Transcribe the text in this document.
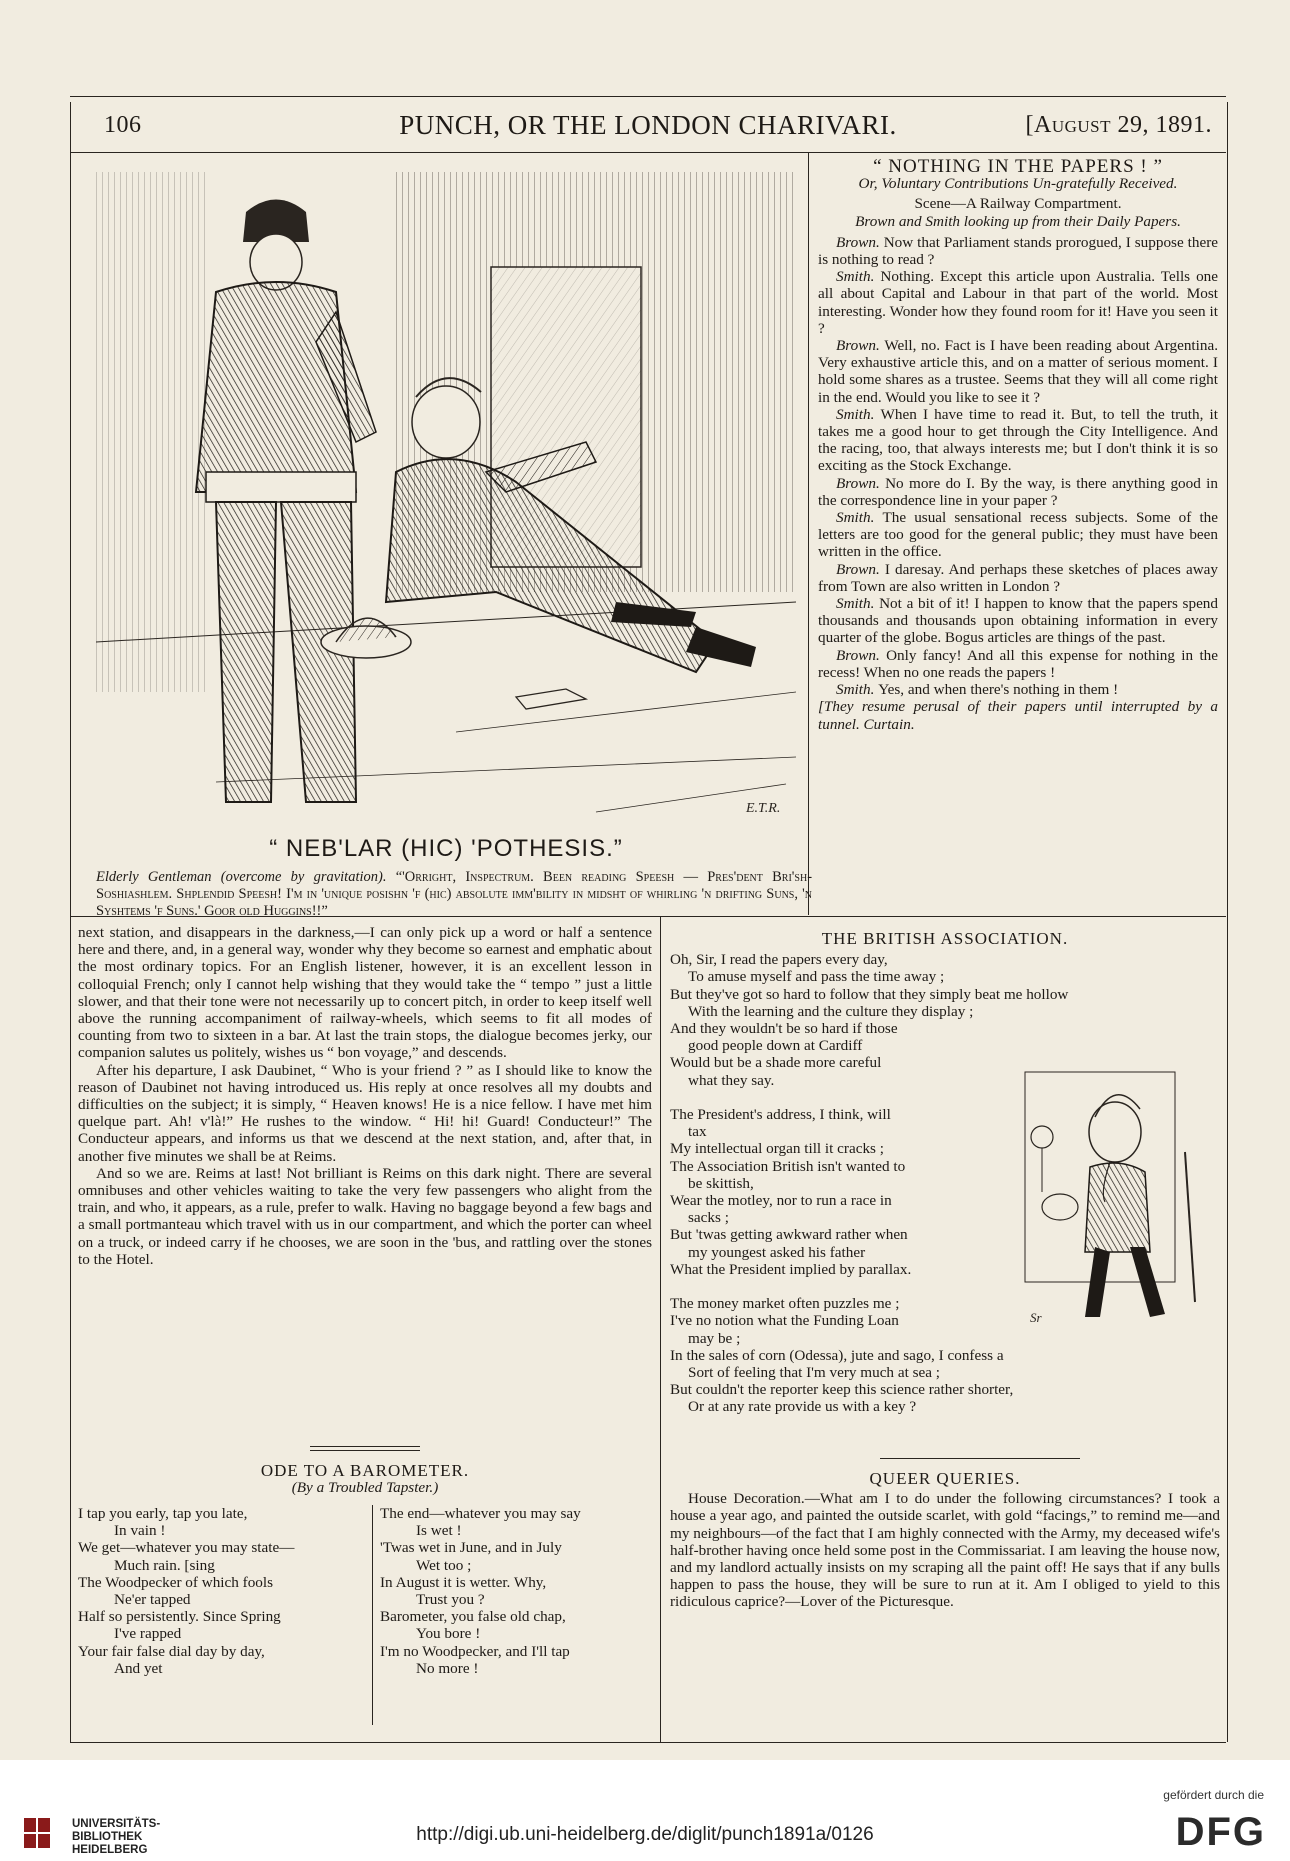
106	PUNCH, OR THE LONDON CHARIVARI.	[August 29, 1891.
E.T.R.
“ NEB'LAR (HIC) 'POTHESIS.”
Elderly Gentleman (overcome by gravitation). “'Orright, Inspectrum. Been reading Speesh — Pres'dent Bri'sh-Soshiashlem. Shplendid Speesh! I'm in 'unique posishn 'f (hic) absolute imm'bility in midsht of whirling 'n drifting Suns, 'n Syshtems 'f Suns.' Goor old Huggins!!”
“ NOTHING IN THE PAPERS ! ”
Or, Voluntary Contributions Un-gratefully Received.
Scene—A Railway Compartment.
Brown and Smith looking up from their Daily Papers.

Brown. Now that Parliament stands prorogued, I suppose there is nothing to read ?

Smith. Nothing. Except this article upon Australia. Tells one all about Capital and Labour in that part of the world. Most interesting. Wonder how they found room for it! Have you seen it ?

Brown. Well, no. Fact is I have been reading about Argentina. Very exhaustive article this, and on a matter of serious moment. I hold some shares as a trustee. Seems that they will all come right in the end. Would you like to see it ?

Smith. When I have time to read it. But, to tell the truth, it takes me a good hour to get through the City Intelligence. And the racing, too, that always interests me; but I don't think it is so exciting as the Stock Exchange.

Brown. No more do I. By the way, is there anything good in the correspondence line in your paper ?

Smith. The usual sensational recess subjects. Some of the letters are too good for the general public; they must have been written in the office.

Brown. I daresay. And perhaps these sketches of places away from Town are also written in London ?

Smith. Not a bit of it! I happen to know that the papers spend thousands and thousands upon obtaining information in every quarter of the globe. Bogus articles are things of the past.

Brown. Only fancy! And all this expense for nothing in the recess! When no one reads the papers !

Smith. Yes, and when there's nothing in them !

[They resume perusal of their papers until interrupted by a tunnel. Curtain.

next station, and disappears in the darkness,—I can only pick up a word or half a sentence here and there, and, in a general way, wonder why they become so earnest and emphatic about the most ordinary topics. For an English listener, however, it is an excellent lesson in colloquial French; only I cannot help wishing that they would take the “ tempo ” just a little slower, and that their tone were not necessarily up to concert pitch, in order to keep itself well above the running accompaniment of railway-wheels, which seems to fit all modes of counting from two to sixteen in a bar. At last the train stops, the dialogue becomes jerky, our companion salutes us politely, wishes us “ bon voyage,” and descends.

After his departure, I ask Daubinet, “ Who is your friend ? ” as I should like to know the reason of Daubinet not having introduced us. His reply at once resolves all my doubts and difficulties on the subject; it is simply, “ Heaven knows! He is a nice fellow. I have met him quelque part. Ah! v'là!” He rushes to the window. “ Hi! hi! Guard! Conducteur!” The Conducteur appears, and informs us that we descend at the next station, and, after that, in another five minutes we shall be at Reims.

And so we are. Reims at last! Not brilliant is Reims on this dark night. There are several omnibuses and other vehicles waiting to take the very few passengers who alight from the train, and who, it appears, as a rule, prefer to walk. Having no baggage beyond a few bags and a small portmanteau which travel with us in our compartment, and which the porter can wheel on a truck, or indeed carry if he chooses, we are soon in the 'bus, and rattling over the stones to the Hotel.

ODE TO A BAROMETER.
(By a Troubled Tapster.)
I tap you early, tap you late,
In vain !
We get—whatever you may state—
Much rain. [sing
The Woodpecker of which fools
Ne'er tapped
Half so persistently. Since Spring
I've rapped
Your fair false dial day by day,
And yet
The end—whatever you may say
Is wet !
'Twas wet in June, and in July
Wet too ;
In August it is wetter. Why,
Trust you ?
Barometer, you false old chap,
You bore !
I'm no Woodpecker, and I'll tap
No more !
THE BRITISH ASSOCIATION.
Oh, Sir, I read the papers every day,
To amuse myself and pass the time away ;
But they've got so hard to follow that they simply beat me hollow
With the learning and the culture they display ;
And they wouldn't be so hard if those
good people down at Cardiff
Would but be a shade more careful
what they say.

The President's address, I think, will
tax
My intellectual organ till it cracks ;
The Association British isn't wanted to
be skittish,
Wear the motley, nor to run a race in
sacks ;
But 'twas getting awkward rather when
my youngest asked his father
What the President implied by parallax.

The money market often puzzles me ;
I've no notion what the Funding Loan
may be ;
In the sales of corn (Odessa), jute and sago, I confess a
Sort of feeling that I'm very much at sea ;
But couldn't the reporter keep this science rather shorter,
Or at any rate provide us with a key ?
Sr
QUEER QUERIES.

House Decoration.—What am I to do under the following circumstances? I took a house a year ago, and painted the outside scarlet, with gold “facings,” to remind me—and my neighbours—of the fact that I am highly connected with the Army, my deceased wife's half-brother having once held some post in the Commissariat. I am leaving the house now, and my landlord actually insists on my scraping all the paint off! He says that if any bulls happen to pass the house, they will be sure to run at it. Am I obliged to yield to this ridiculous caprice?—Lover of the Picturesque.

UNIVERSITÄTS-
BIBLIOTHEK
HEIDELBERG
http://digi.ub.uni-heidelberg.de/diglit/punch1891a/0126
gefördert durch die
DFG
